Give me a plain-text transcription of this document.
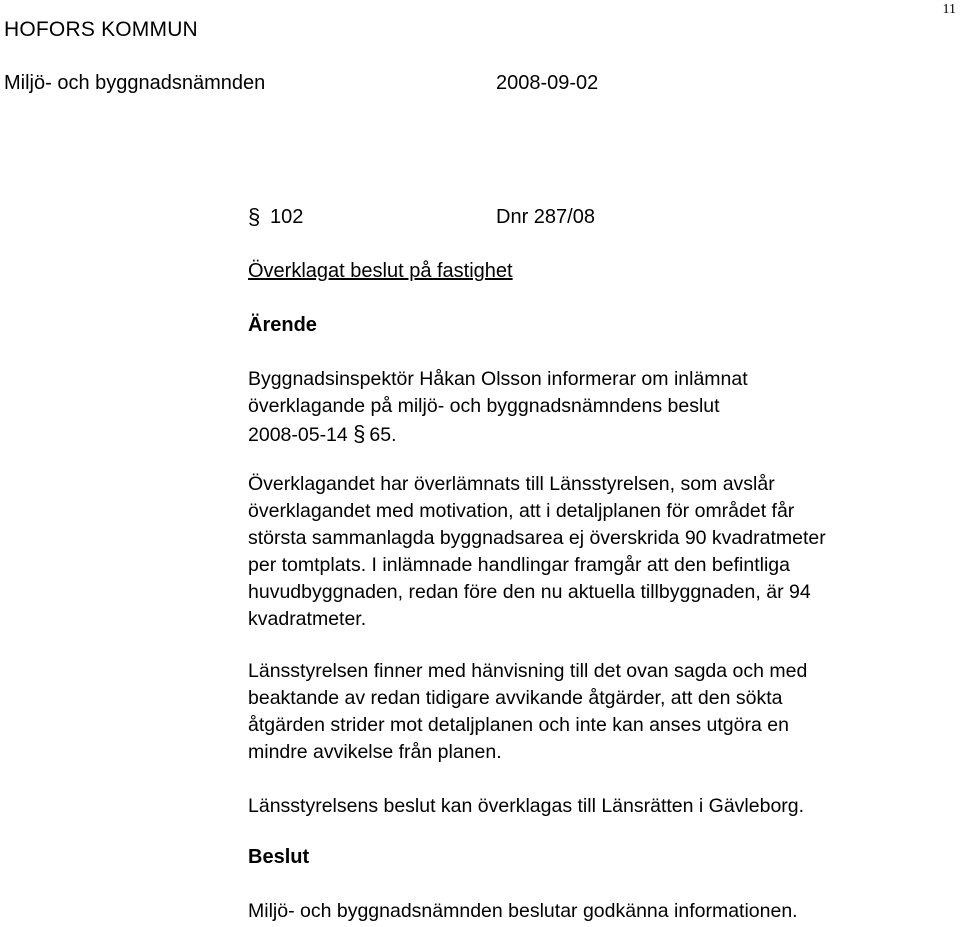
11
HOFORS KOMMUN
Miljö- och byggnadsnämnden	2008-09-02
§ 102	Dnr 287/08
Överklagat beslut på fastighet
Ärende
Byggnadsinspektör Håkan Olsson informerar om inlämnat
överklagande på miljö- och byggnadsnämndens beslut
2008-05-14 § 65.
Överklagandet har överlämnats till Länsstyrelsen, som avslår
överklagandet med motivation, att i detaljplanen för området får
största sammanlagda byggnadsarea ej överskrida 90 kvadratmeter
per tomtplats. I inlämnade handlingar framgår att den befintliga
huvudbyggnaden, redan före den nu aktuella tillbyggnaden, är 94
kvadratmeter.
Länsstyrelsen finner med hänvisning till det ovan sagda och med
beaktande av redan tidigare avvikande åtgärder, att den sökta
åtgärden strider mot detaljplanen och inte kan anses utgöra en
mindre avvikelse från planen.
Länsstyrelsens beslut kan överklagas till Länsrätten i Gävleborg.
Beslut
Miljö- och byggnadsnämnden beslutar godkänna informationen.
